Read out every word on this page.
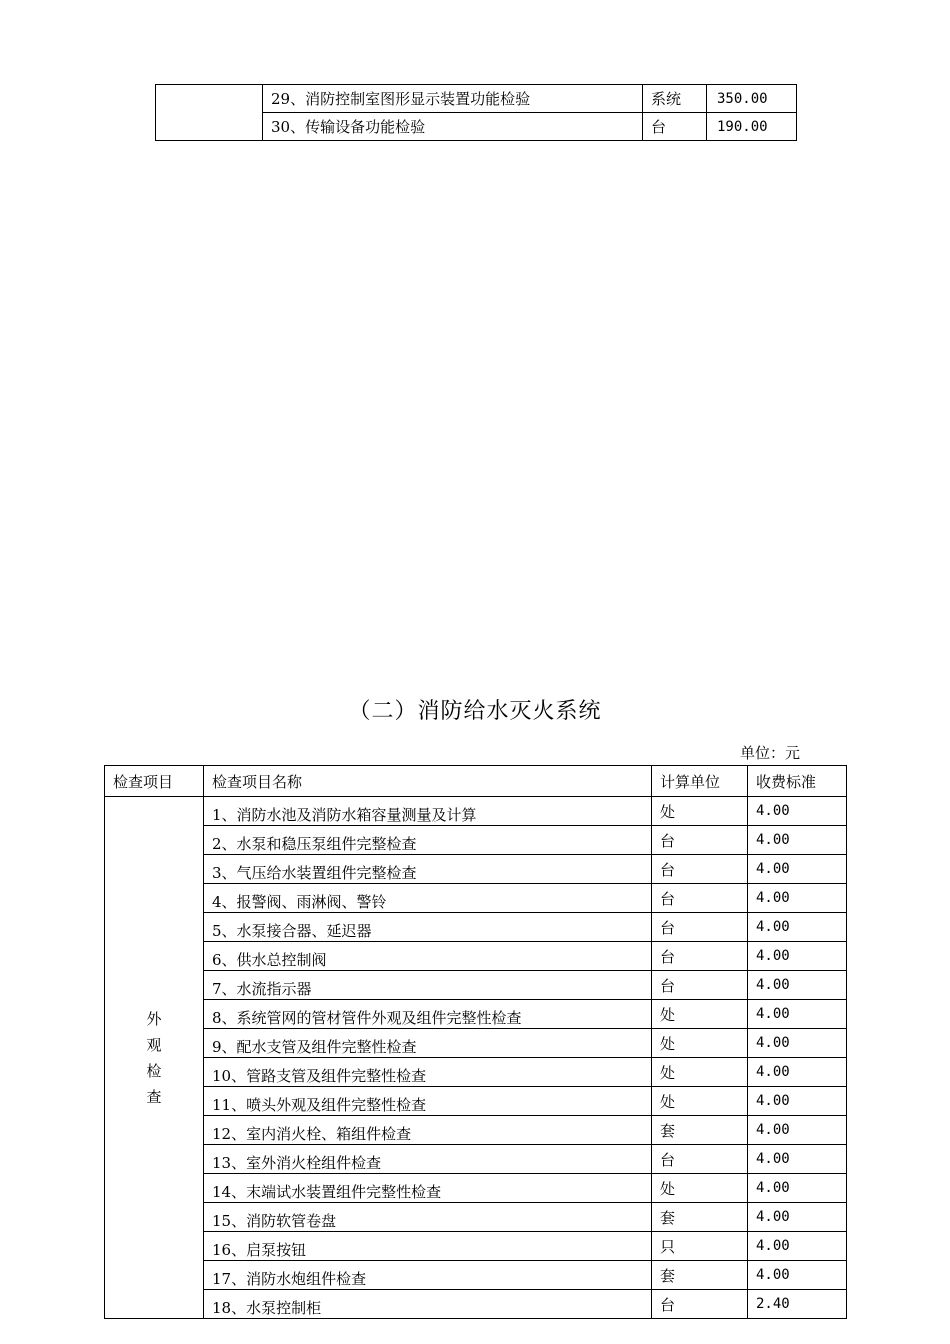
	29、消防控制室图形显示装置功能检验	系统	350.00
	30、传输设备功能检验	台	190.00
（二）消防给水灭火系统
单位：元
检查项目	检查项目名称	计算单位	收费标准

外
观
检
查	1、消防水池及消防水箱容量测量及计算	处	4.00
	2、水泵和稳压泵组件完整检查	台	4.00
	3、气压给水装置组件完整检查	台	4.00
	4、报警阀、雨淋阀、警铃	台	4.00
	5、水泵接合器、延迟器	台	4.00
	6、供水总控制阀	台	4.00
	7、水流指示器	台	4.00
	8、系统管网的管材管件外观及组件完整性检查	处	4.00
	9、配水支管及组件完整性检查	处	4.00
	10、管路支管及组件完整性检查	处	4.00
	11、喷头外观及组件完整性检查	处	4.00
	12、室内消火栓、箱组件检查	套	4.00
	13、室外消火栓组件检查	台	4.00
	14、末端试水装置组件完整性检查	处	4.00
	15、消防软管卷盘	套	4.00
	16、启泵按钮	只	4.00
	17、消防水炮组件检查	套	4.00
	18、水泵控制柜	台	2.40
